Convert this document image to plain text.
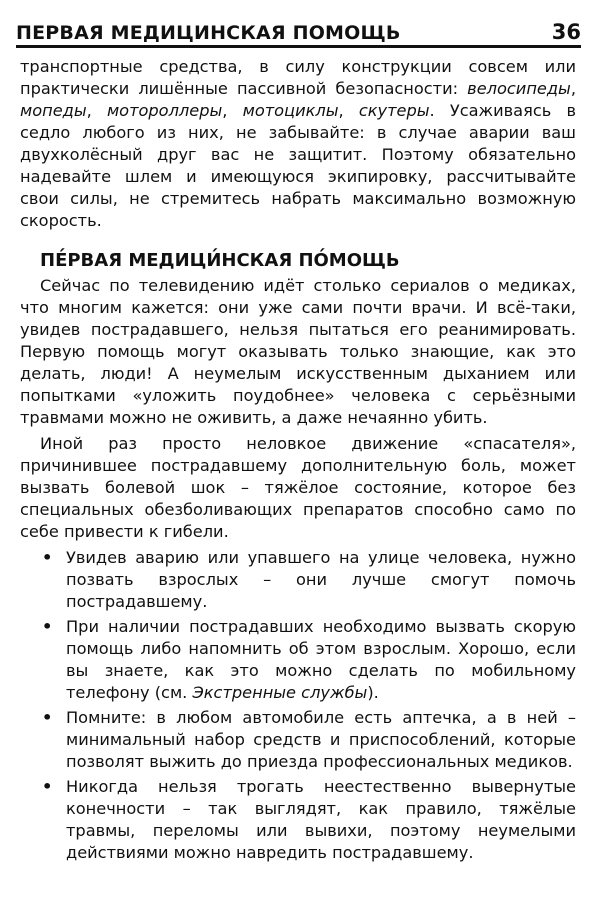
ПЕРВАЯ МЕДИЦИНСКАЯ ПОМОЩЬ	36

транспортные средства, в силу конструкции совсем или практически лишённые пассивной безопасности: велосипеды, мопеды, мотороллеры, мотоциклы, скутеры. Усаживаясь в седло любого из них, не забывайте: в случае аварии ваш двухколёсный друг вас не защитит. Поэтому обязательно надевайте шлем и имеющуюся экипировку, рассчитывайте свои силы, не стремитесь набрать максимально возможную скорость.

ПЕ́РВАЯ МЕДИЦИ́НСКАЯ ПО́МОЩЬ

Сейчас по телевидению идёт столько сериалов о медиках, что многим кажется: они уже сами почти врачи. И всё-таки, увидев пострадавшего, нельзя пытаться его реанимировать. Первую помощь могут оказывать только знающие, как это делать, люди! А неумелым искусственным дыханием или попытками «уложить поудобнее» человека с серьёзными травмами можно не оживить, а даже нечаянно убить.

Иной раз просто неловкое движение «спасателя», причинившее пострадавшему дополнительную боль, может вызвать болевой шок – тяжёлое состояние, которое без специальных обезболивающих препаратов способно само по себе привести к гибели.

• Увидев аварию или упавшего на улице человека, нужно позвать взрослых – они лучше смогут помочь пострадавшему.
• При наличии пострадавших необходимо вызвать скорую помощь либо напомнить об этом взрослым. Хорошо, если вы знаете, как это можно сделать по мобильному телефону (см. Экстренные службы).
• Помните: в любом автомобиле есть аптечка, а в ней – минимальный набор средств и приспособлений, которые позволят выжить до приезда профессиональных медиков.
• Никогда нельзя трогать неестественно вывернутые конечности – так выглядят, как правило, тяжёлые травмы, переломы или вывихи, поэтому неумелыми действиями можно навредить пострадавшему.
